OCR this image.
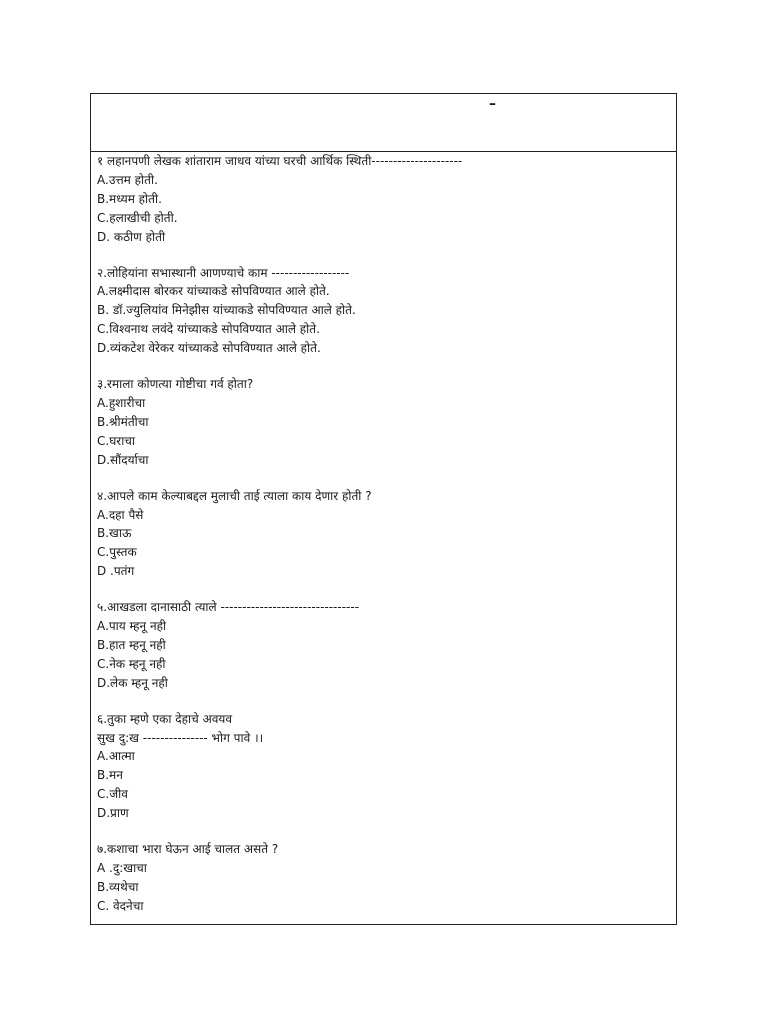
–
१ लहानपणी लेखक शांताराम जाधव यांच्या घरची आर्थिक स्थिती---------------------
A.उत्तम होती.
B.मध्यम होती.
C.हलाखीची होती.
D. कठीण होती
२.लोहियांना सभास्थानी आणण्याचे काम ------------------
A.लक्ष्मीदास बोरकर यांच्याकडे सोपविण्यात आले होते.
B. डॉ.ज्युलियांव मिनेझीस यांच्याकडे सोपविण्यात आले होते.
C.विश्वनाथ लवंदे यांच्याकडे सोपविण्यात आले होते.
D.व्यंकटेश वेरेकर यांच्याकडे सोपविण्यात आले होते.
३.रमाला कोणत्या गोष्टीचा गर्व होता?
A.हुशारीचा
B.श्रीमंतीचा
C.घराचा
D.सौंदर्याचा
४.आपले काम केल्याबद्दल मुलाची ताई त्याला काय देणार होती ?
A.दहा पैसे
B.खाऊ
C.पुस्तक
D .पतंग
५.आखडला दानासाठी त्याले --------------------------------
A.पाय म्हनू नही
B.हात म्हनू नही
C.नेक म्हनू नही
D.लेक म्हनू नही
६.तुका म्हणे एका देहाचे अवयव
सुख दु:ख --------------- भोग पावे ।।
A.आत्मा
B.मन
C.जीव
D.प्राण
७.कशाचा भारा घेऊन आई चालत असते ?
A .दु:खाचा
B.व्यथेचा
C. वेदनेचा
